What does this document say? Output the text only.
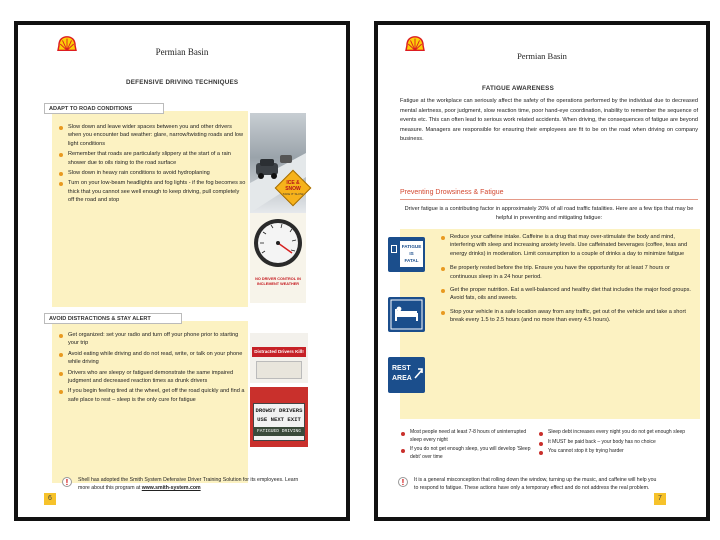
Permian Basin
DEFENSIVE DRIVING TECHNIQUES
ADAPT TO ROAD CONDITIONS
Slow down and leave wider spaces between you and other drivers when you encounter bad weather: glare, narrow/twisting roads and low light conditions
Remember that roads are particularly slippery at the start of a rain shower due to oils rising to the road surface
Slow down in heavy rain conditions to avoid hydroplaning
Turn on your low-beam headlights and fog lights - if the fog becomes so thick that you cannot see well enough to keep driving, pull completely off the road and stop
ICE & SNOW
TAKE IT SLOW
NO DRIVER CONTROL IN INCLEMENT WEATHER
AVOID DISTRACTIONS & STAY ALERT
Get organized: set your radio and turn off your phone prior to starting your trip
Avoid eating while driving and do not read, write, or talk on your phone while driving
Drivers who are sleepy or fatigued demonstrate the same impaired judgment and decreased reaction times as drunk drivers
If you begin feeling tired at the wheel, get off the road quickly and find a safe place to rest – sleep is the only cure for fatigue
Distracted Drivers Kill!
DROWSY DRIVERS
USE NEXT EXIT
FATIGUED DRIVING
!	Shell has adopted the Smith System Defensive Driver Training Solution for its employees. Learn more about this program at www.smith-system.com
6
Permian Basin
FATIGUE AWARENESS
Fatigue at the workplace can seriously affect the safety of the operations performed by the individual due to decreased mental alertness, poor judgment, slow reaction time, poor hand-eye coordination, inability to remember the sequence of events etc. This can often lead to serious work related accidents. When driving, the consequences of fatigue are beyond measure. Managers are responsible for ensuring their employees are fit to be on the road when driving on company business.
Preventing Drowsiness & Fatigue
Driver fatigue is a contributing factor in approximately 20% of all road traffic fatalities. Here are a few tips that may be helpful in preventing and mitigating fatigue:
FATIGUE
IS
FATAL
REST
AREA
Reduce your caffeine intake. Caffeine is a drug that may over-stimulate the body and mind, interfering with sleep and increasing anxiety levels. Use caffeinated beverages (coffee, teas and energy drinks) in moderation. Limit consumption to a couple of drinks a day to minimize fatigue
Be properly rested before the trip. Ensure you have the opportunity for at least 7 hours or continuous sleep in a 24 hour period.
Get the proper nutrition. Eat a well-balanced and healthy diet that includes the major food groups. Avoid fats, oils and sweets.
Stop your vehicle in a safe location away from any traffic, get out of the vehicle and take a short break every 1.5 to 2.5 hours (and no more than every 4.5 hours).
Most people need at least 7-8 hours of uninterrupted sleep every night
If you do not get enough sleep, you will develop 'Sleep debt' over time
Sleep debt increases every night you do not get enough sleep
It MUST be paid back – your body has no choice
You cannot stop it by trying harder
!	It is a general misconception that rolling down the window, turning up the music, and caffeine will help you to respond to fatigue. These actions have only a temporary effect and do not address the real problem.
7
